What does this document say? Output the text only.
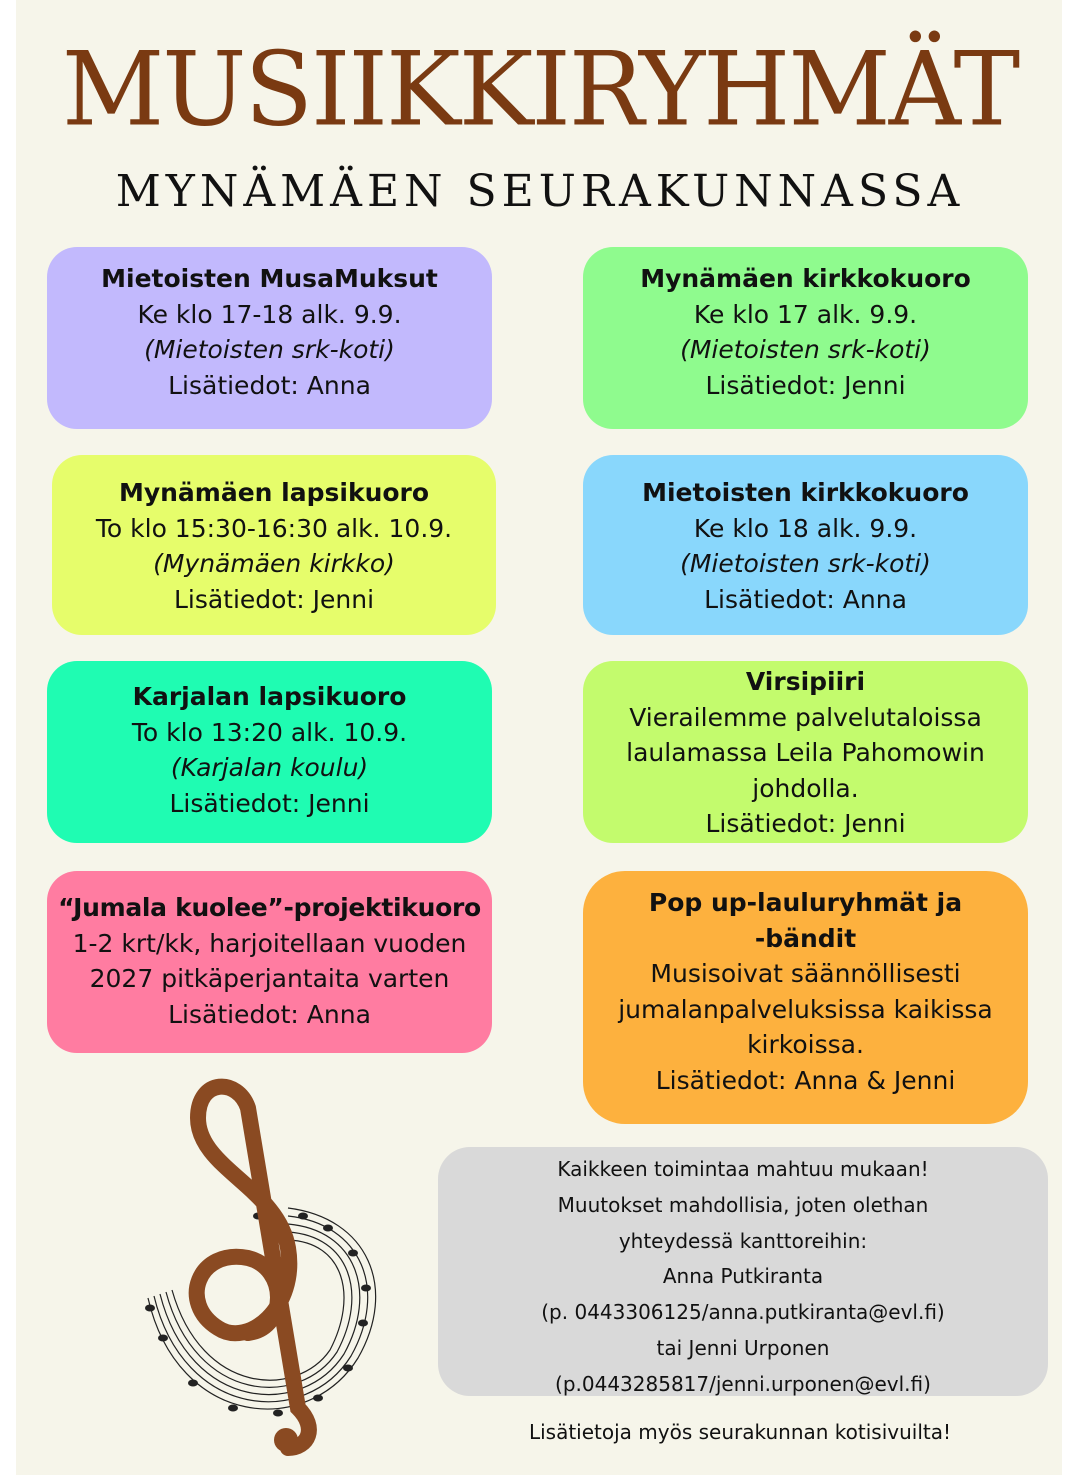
MUSIIKKIRYHMÄT
MYNÄMÄEN SEURAKUNNASSA
Mietoisten MusaMuksut
Ke klo 17-18 alk. 9.9.
(Mietoisten srk-koti)
Lisätiedot: Anna
Mynämäen kirkkokuoro
Ke klo 17 alk. 9.9.
(Mietoisten srk-koti)
Lisätiedot: Jenni
Mynämäen lapsikuoro
To klo 15:30-16:30 alk. 10.9.
(Mynämäen kirkko)
Lisätiedot: Jenni
Mietoisten kirkkokuoro
Ke klo 18 alk. 9.9.
(Mietoisten srk-koti)
Lisätiedot: Anna
Karjalan lapsikuoro
To klo 13:20 alk. 10.9.
(Karjalan koulu)
Lisätiedot: Jenni
Virsipiiri
Vierailemme palvelutaloissa
laulamassa Leila Pahomowin
johdolla.
Lisätiedot: Jenni
“Jumala kuolee”-projektikuoro
1-2 krt/kk, harjoitellaan vuoden
2027 pitkäperjantaita varten
Lisätiedot: Anna
Pop up-lauluryhmät ja
-bändit
Musisoivat säännöllisesti
jumalanpalveluksissa kaikissa
kirkoissa.
Lisätiedot: Anna & Jenni
Kaikkeen toimintaa mahtuu mukaan!
Muutokset mahdollisia, joten olethan
yhteydessä kanttoreihin:
Anna Putkiranta
(p. 0443306125/anna.putkiranta@evl.fi)
tai Jenni Urponen
(p.0443285817/jenni.urponen@evl.fi)
Lisätietoja myös seurakunnan kotisivuilta!
